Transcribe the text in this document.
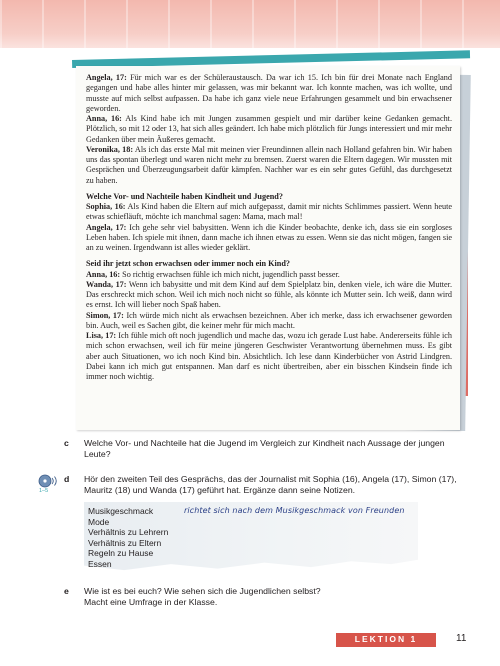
Angela, 17: Für mich war es der Schüleraustausch. Da war ich 15. Ich bin für drei Monate nach England gegangen und habe alles hinter mir gelassen, was mir bekannt war. Ich konnte machen, was ich wollte, und musste auf mich selbst aufpassen. Da habe ich ganz viele neue Erfahrungen gesammelt und bin erwachsener geworden.

Anna, 16: Als Kind habe ich mit Jungen zusammen gespielt und mir darüber keine Gedanken gemacht. Plötzlich, so mit 12 oder 13, hat sich alles geändert. Ich habe mich plötzlich für Jungs interessiert und mir mehr Gedanken über mein Äußeres gemacht.

Veronika, 18: Als ich das erste Mal mit meinen vier Freundinnen allein nach Holland gefahren bin. Wir haben uns das spontan überlegt und waren nicht mehr zu bremsen. Zuerst waren die Eltern dagegen. Wir mussten mit Gesprächen und Überzeugungsarbeit dafür kämpfen. Nachher war es ein sehr gutes Gefühl, das durchgesetzt zu haben.

Welche Vor- und Nachteile haben Kindheit und Jugend?

Sophia, 16: Als Kind haben die Eltern auf mich aufgepasst, damit mir nichts Schlimmes passiert. Wenn heute etwas schiefläuft, möchte ich manchmal sagen: Mama, mach mal!

Angela, 17: Ich gehe sehr viel babysitten. Wenn ich die Kinder beobachte, denke ich, dass sie ein sorgloses Leben haben. Ich spiele mit ihnen, dann mache ich ihnen etwas zu essen. Wenn sie das nicht mögen, fangen sie an zu weinen. Irgendwann ist alles wieder geklärt.

Seid ihr jetzt schon erwachsen oder immer noch ein Kind?

Anna, 16: So richtig erwachsen fühle ich mich nicht, jugendlich passt besser.

Wanda, 17: Wenn ich babysitte und mit dem Kind auf dem Spielplatz bin, denken viele, ich wäre die Mutter. Das erschreckt mich schon. Weil ich mich noch nicht so fühle, als könnte ich Mutter sein. Ich weiß, dann wird es ernst. Ich will lieber noch Spaß haben.

Simon, 17: Ich würde mich nicht als erwachsen bezeichnen. Aber ich merke, dass ich erwachsener geworden bin. Auch, weil es Sachen gibt, die keiner mehr für mich macht.

Lisa, 17: Ich fühle mich oft noch jugendlich und mache das, wozu ich gerade Lust habe. Andererseits fühle ich mich schon erwachsen, weil ich für meine jüngeren Geschwister Verantwortung übernehmen muss. Es gibt aber auch Situationen, wo ich noch Kind bin. Absichtlich. Ich lese dann Kinderbücher von Astrid Lindgren. Dabei kann ich mich gut entspannen. Man darf es nicht übertreiben, aber ein bisschen Kindsein finde ich immer noch wichtig.

c Welche Vor- und Nachteile hat die Jugend im Vergleich zur Kindheit nach Aussage der jungen Leute?
1–5
d Hör den zweiten Teil des Gesprächs, das der Journalist mit Sophia (16), Angela (17), Simon (17), Mauritz (18) und Wanda (17) geführt hat. Ergänze dann seine Notizen.
e Wie ist es bei euch? Wie sehen sich die Jugendlichen selbst?
Macht eine Umfrage in der Klasse.
Musikgeschmack
Mode
Verhältnis zu Lehrern
Verhältnis zu Eltern
Regeln zu Hause
Essen
richtet sich nach dem Musikgeschmack von Freunden
LEKTION 1	11
